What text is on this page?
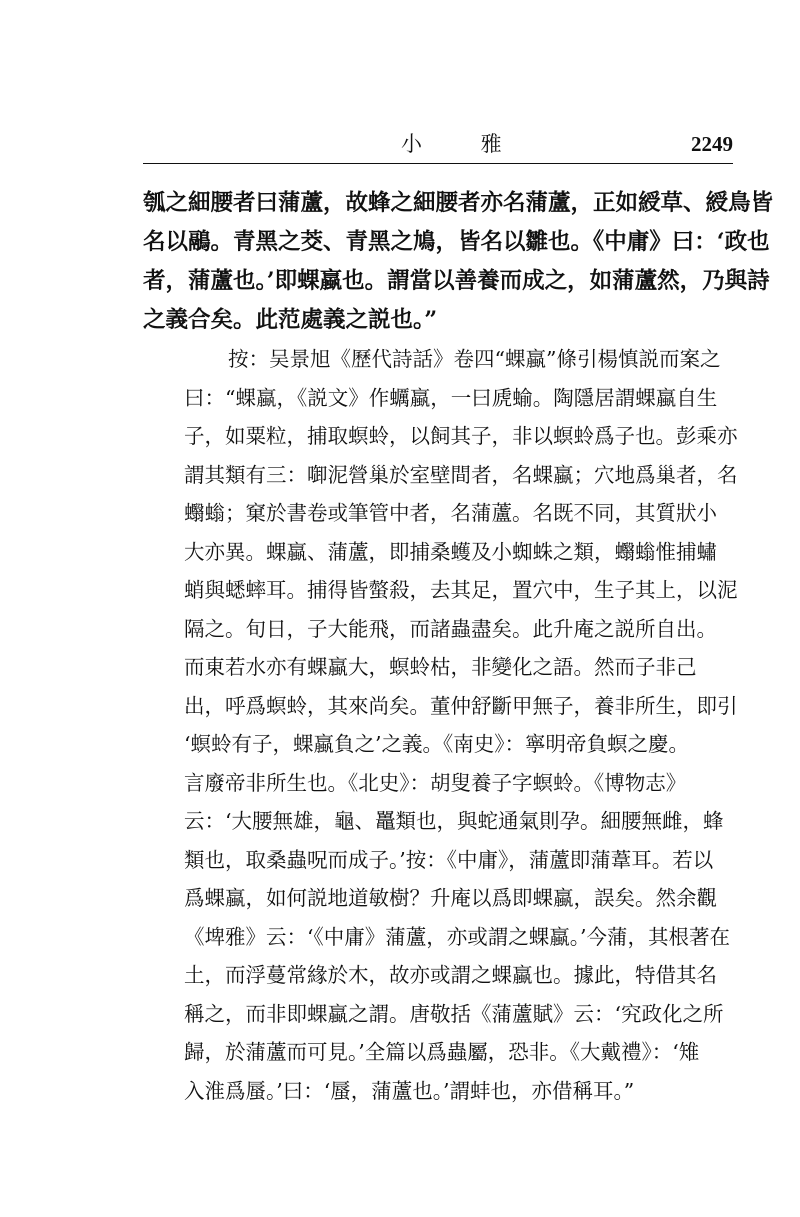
小 雅	2249
瓠之細腰者曰蒲蘆，故蜂之細腰者亦名蒲蘆，正如綬草、綬鳥皆
名以鷊。青黑之茭、青黑之鳩，皆名以雛也。《中庸》曰：‘政也
者，蒲蘆也。’即蜾蠃也。謂當以善養而成之，如蒲蘆然，乃與詩
之義合矣。此范處義之説也。”
按：吴景旭《歷代詩話》卷四“蜾蠃”條引楊慎説而案之
曰：“蜾蠃，《説文》作蠣蠃，一曰虒蝓。陶隱居謂蜾蠃自生
子，如粟粒，捕取螟蛉，以飼其子，非以螟蛉爲子也。彭乘亦
謂其類有三：啣泥營巢於室壁間者，名蜾蠃；穴地爲巢者，名
蠮螉；窠於書卷或筆管中者，名蒲蘆。名既不同，其質狀小
大亦異。蜾蠃、蒲蘆，即捕桑蠖及小蜘蛛之類，蠮螉惟捕蟰
蛸與蟋蟀耳。捕得皆螫殺，去其足，置穴中，生子其上，以泥
隔之。旬日，子大能飛，而諸蟲盡矣。此升庵之説所自出。
而東若水亦有蜾蠃大，螟蛉枯，非變化之語。然而子非己
出，呼爲螟蛉，其來尚矣。董仲舒斷甲無子，養非所生，即引
‘螟蛉有子，蜾蠃負之’之義。《南史》：寧明帝負螟之慶。
言廢帝非所生也。《北史》：胡叟養子字螟蛉。《博物志》
云：‘大腰無雄，龜、鼉類也，與蛇通氣則孕。細腰無雌，蜂
類也，取桑蟲呪而成子。’按：《中庸》，蒲蘆即蒲葦耳。若以
爲蜾蠃，如何説地道敏樹？升庵以爲即蜾蠃，誤矣。然余觀
《埤雅》云：‘《中庸》蒲蘆，亦或謂之蜾蠃。’今蒲，其根著在
土，而浮蔓常緣於木，故亦或謂之蜾蠃也。據此，特借其名
稱之，而非即蜾蠃之謂。唐敬括《蒲蘆賦》云：‘究政化之所
歸，於蒲蘆而可見。’全篇以爲蟲屬，恐非。《大戴禮》：‘雉
入淮爲蜃。’曰：‘蜃，蒲蘆也。’謂蚌也，亦借稱耳。”
